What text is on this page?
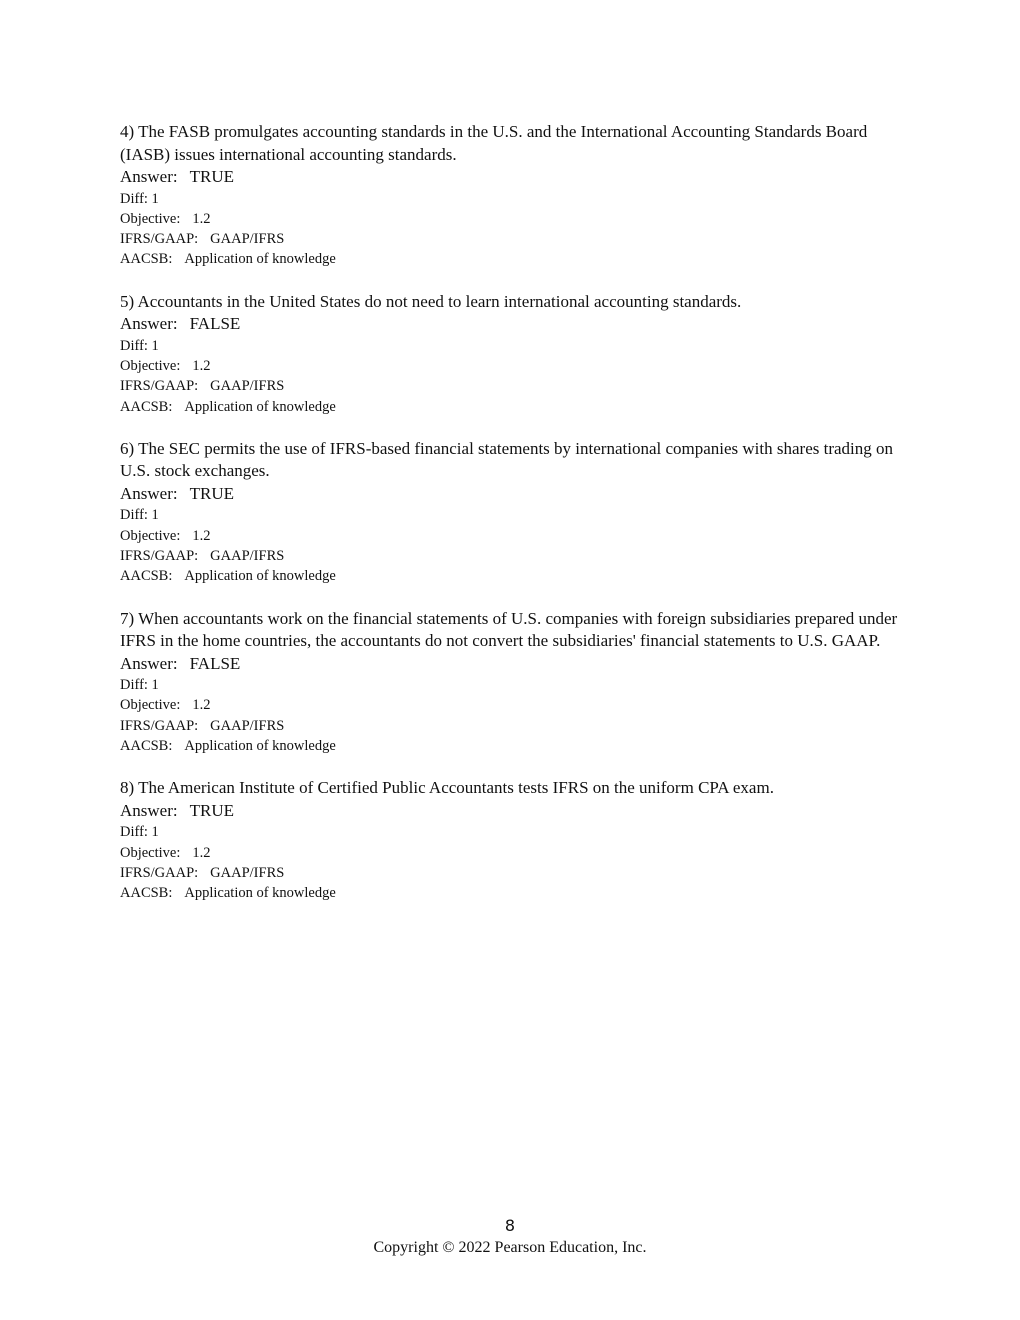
4) The FASB promulgates accounting standards in the U.S. and the International Accounting Standards Board (IASB) issues international accounting standards.

Answer: TRUE

Diff: 1

Objective: 1.2

IFRS/GAAP: GAAP/IFRS

AACSB: Application of knowledge

5) Accountants in the United States do not need to learn international accounting standards.

Answer: FALSE

Diff: 1

Objective: 1.2

IFRS/GAAP: GAAP/IFRS

AACSB: Application of knowledge

6) The SEC permits the use of IFRS-based financial statements by international companies with shares trading on U.S. stock exchanges.

Answer: TRUE

Diff: 1

Objective: 1.2

IFRS/GAAP: GAAP/IFRS

AACSB: Application of knowledge

7) When accountants work on the financial statements of U.S. companies with foreign subsidiaries prepared under IFRS in the home countries, the accountants do not convert the subsidiaries' financial statements to U.S. GAAP.

Answer: FALSE

Diff: 1

Objective: 1.2

IFRS/GAAP: GAAP/IFRS

AACSB: Application of knowledge

8) The American Institute of Certified Public Accountants tests IFRS on the uniform CPA exam.

Answer: TRUE

Diff: 1

Objective: 1.2

IFRS/GAAP: GAAP/IFRS

AACSB: Application of knowledge

8
Copyright © 2022 Pearson Education, Inc.
